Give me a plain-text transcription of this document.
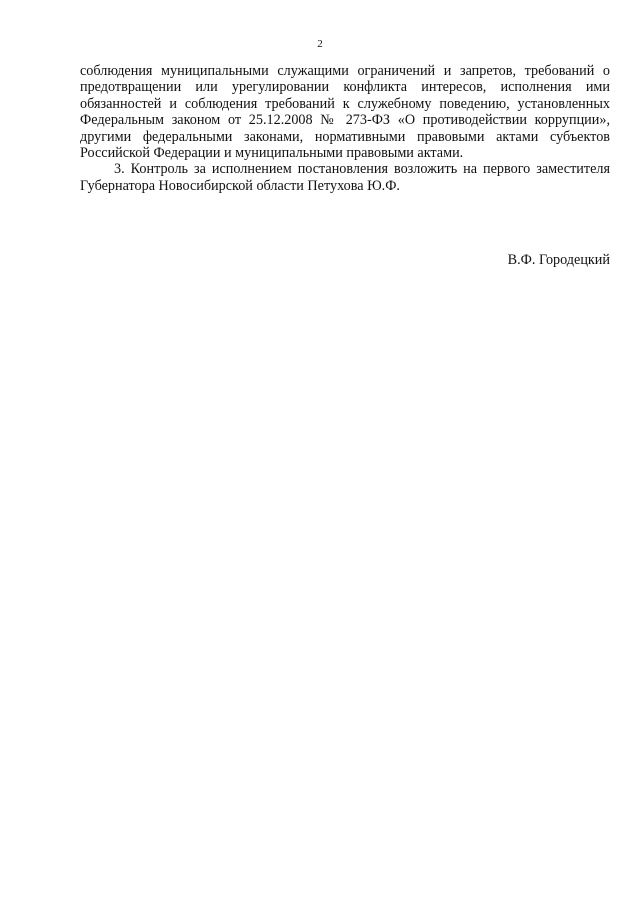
2

соблюдения муниципальными служащими ограничений и запретов, требований о предотвращении или урегулировании конфликта интересов, исполнения ими обязанностей и соблюдения требований к служебному поведению, установленных Федеральным законом от 25.12.2008 № 273-ФЗ «О противодействии коррупции», другими федеральными законами, нормативными правовыми актами субъектов Российской Федерации и муниципальными правовыми актами.

3. Контроль за исполнением постановления возложить на первого заместителя Губернатора Новосибирской области Петухова Ю.Ф.

В.Ф. Городецкий
